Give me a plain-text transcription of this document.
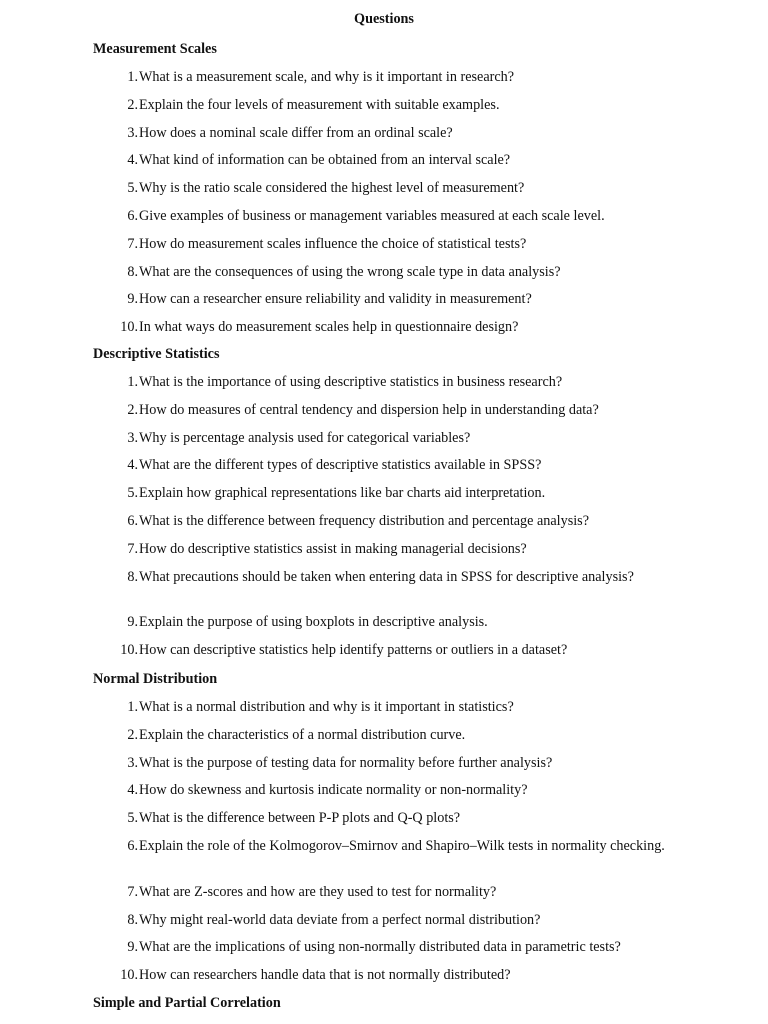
Questions
Measurement Scales
1. What is a measurement scale, and why is it important in research?
2. Explain the four levels of measurement with suitable examples.
3. How does a nominal scale differ from an ordinal scale?
4. What kind of information can be obtained from an interval scale?
5. Why is the ratio scale considered the highest level of measurement?
6. Give examples of business or management variables measured at each scale level.
7. How do measurement scales influence the choice of statistical tests?
8. What are the consequences of using the wrong scale type in data analysis?
9. How can a researcher ensure reliability and validity in measurement?
10. In what ways do measurement scales help in questionnaire design?
Descriptive Statistics
1. What is the importance of using descriptive statistics in business research?
2. How do measures of central tendency and dispersion help in understanding data?
3. Why is percentage analysis used for categorical variables?
4. What are the different types of descriptive statistics available in SPSS?
5. Explain how graphical representations like bar charts aid interpretation.
6. What is the difference between frequency distribution and percentage analysis?
7. How do descriptive statistics assist in making managerial decisions?
8. What precautions should be taken when entering data in SPSS for descriptive analysis?
9. Explain the purpose of using boxplots in descriptive analysis.
10. How can descriptive statistics help identify patterns or outliers in a dataset?
Normal Distribution
1. What is a normal distribution and why is it important in statistics?
2. Explain the characteristics of a normal distribution curve.
3. What is the purpose of testing data for normality before further analysis?
4. How do skewness and kurtosis indicate normality or non-normality?
5. What is the difference between P-P plots and Q-Q plots?
6. Explain the role of the Kolmogorov–Smirnov and Shapiro–Wilk tests in normality checking.
7. What are Z-scores and how are they used to test for normality?
8. Why might real-world data deviate from a perfect normal distribution?
9. What are the implications of using non-normally distributed data in parametric tests?
10. How can researchers handle data that is not normally distributed?
Simple and Partial Correlation
